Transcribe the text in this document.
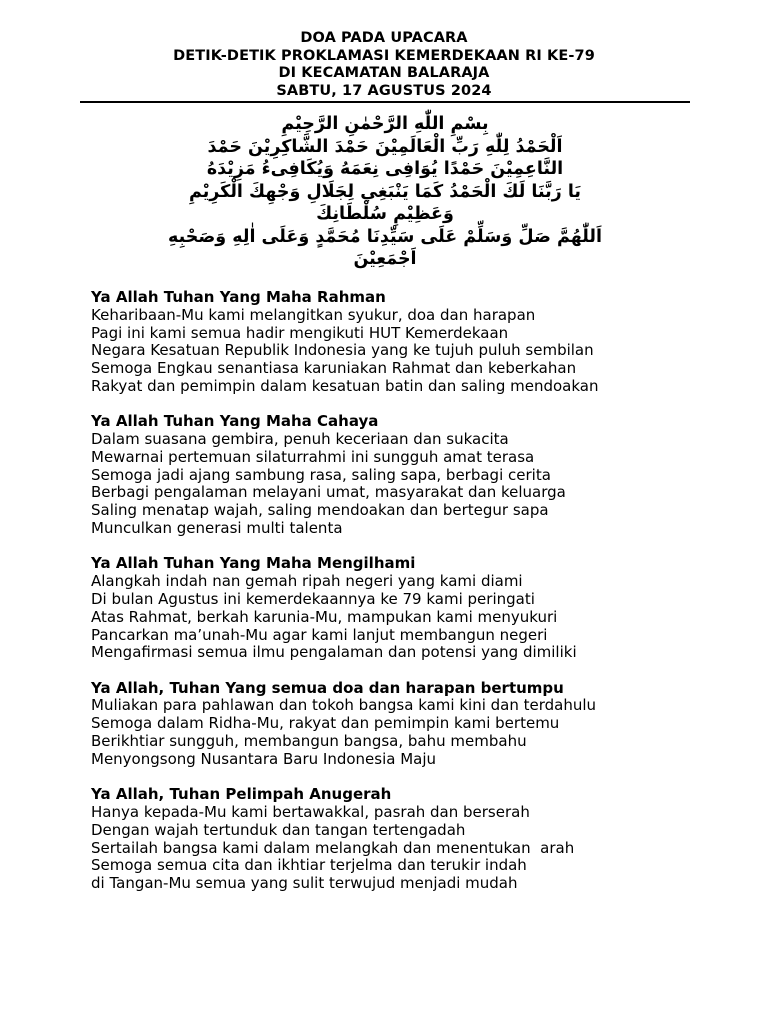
DOA PADA UPACARA
DETIK-DETIK PROKLAMASI KEMERDEKAAN RI KE-79
DI KECAMATAN BALARAJA
SABTU, 17 AGUSTUS 2024
بِسْمِ اللّٰهِ الرَّحْمٰنِ الرَّحِيْمِ
اَلْحَمْدُ لِلّٰهِ رَبِّ الْعَالَمِيْنَ حَمْدَ الشَّاكِرِيْنَ حَمْدَ
النَّاعِمِيْنَ حَمْدًا يُوَافِى نِعَمَهُ وَيُكَافِىءُ مَزِيْدَهُ
يَا رَبَّنَا لَكَ الْحَمْدُ كَمَا يَنْبَغِي لِجَلَالِ وَجْهِكَ الْكَرِيْمِ
وَعَظِيْمِ سُلْطَانِكَ
اَللّٰهُمَّ صَلِّ وَسَلِّمْ عَلَى سَيِّدِنَا مُحَمَّدٍ وَعَلَى اٰلِهِ وَصَحْبِهِ
اَجْمَعِيْنَ
Ya Allah Tuhan Yang Maha Rahman
Keharibaan-Mu kami melangitkan syukur, doa dan harapan
Pagi ini kami semua hadir mengikuti HUT Kemerdekaan
Negara Kesatuan Republik Indonesia yang ke tujuh puluh sembilan
Semoga Engkau senantiasa karuniakan Rahmat dan keberkahan
Rakyat dan pemimpin dalam kesatuan batin dan saling mendoakan
Ya Allah Tuhan Yang Maha Cahaya
Dalam suasana gembira, penuh keceriaan dan sukacita
Mewarnai pertemuan silaturrahmi ini sungguh amat terasa
Semoga jadi ajang sambung rasa, saling sapa, berbagi cerita
Berbagi pengalaman melayani umat, masyarakat dan keluarga
Saling menatap wajah, saling mendoakan dan bertegur sapa
Munculkan generasi multi talenta
Ya Allah Tuhan Yang Maha Mengilhami
Alangkah indah nan gemah ripah negeri yang kami diami
Di bulan Agustus ini kemerdekaannya ke 79 kami peringati
Atas Rahmat, berkah karunia-Mu, mampukan kami menyukuri
Pancarkan ma’unah-Mu agar kami lanjut membangun negeri
Mengafirmasi semua ilmu pengalaman dan potensi yang dimiliki
Ya Allah, Tuhan Yang semua doa dan harapan bertumpu
Muliakan para pahlawan dan tokoh bangsa kami kini dan terdahulu
Semoga dalam Ridha-Mu, rakyat dan pemimpin kami bertemu
Berikhtiar sungguh, membangun bangsa, bahu membahu
Menyongsong Nusantara Baru Indonesia Maju
Ya Allah, Tuhan Pelimpah Anugerah
Hanya kepada-Mu kami bertawakkal, pasrah dan berserah
Dengan wajah tertunduk dan tangan tertengadah
Sertailah bangsa kami dalam melangkah dan menentukan  arah
Semoga semua cita dan ikhtiar terjelma dan terukir indah
di Tangan-Mu semua yang sulit terwujud menjadi mudah
